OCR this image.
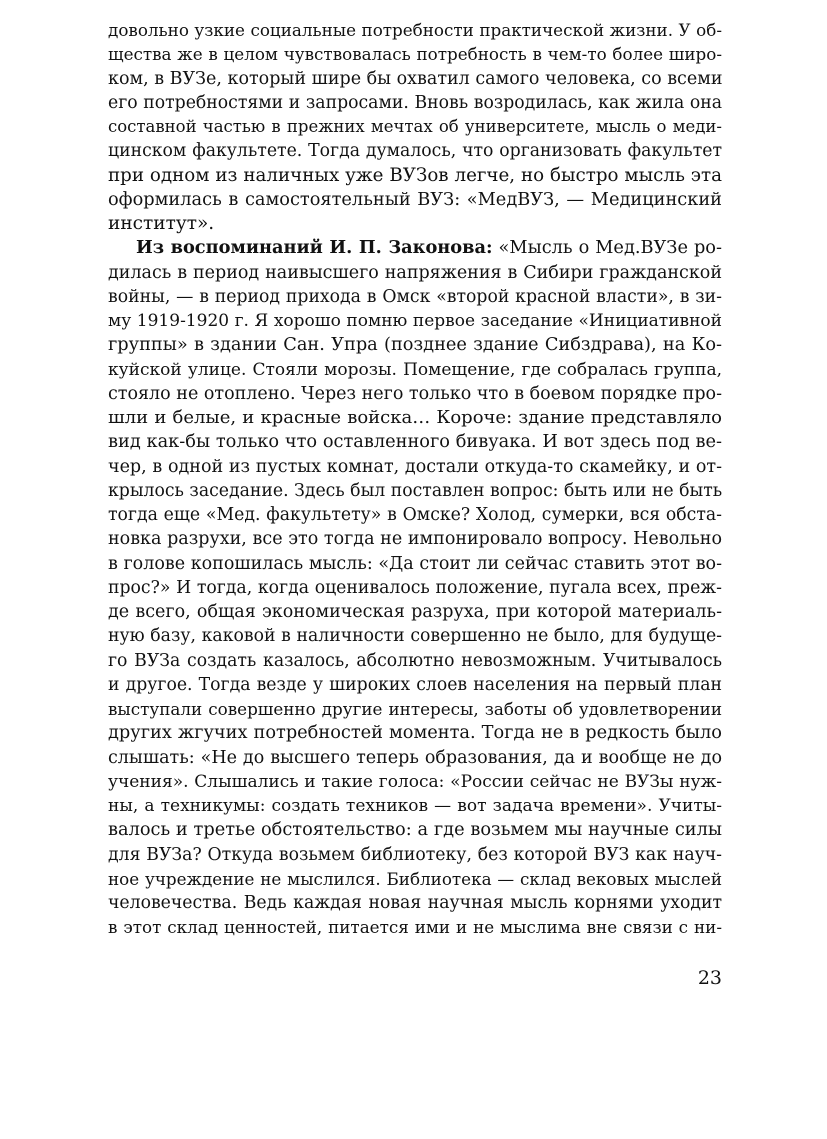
довольно узкие социальные потребности практической жизни. У об-
щества же в целом чувствовалась потребность в чем-то более широ-
ком, в ВУЗе, который шире бы охватил самого человека, со всеми
его потребностями и запросами. Вновь возродилась, как жила она
составной частью в прежних мечтах об университете, мысль о меди-
цинском факультете. Тогда думалось, что организовать факультет
при одном из наличных уже ВУЗов легче, но быстро мысль эта
оформилась в самостоятельный ВУЗ: «МедВУЗ, — Медицинский
институт».
Из воспоминаний И. П. Законова: «Мысль о Мед.ВУЗе ро-
дилась в период наивысшего напряжения в Сибири гражданской
войны, — в период прихода в Омск «второй красной власти», в зи-
му 1919-1920 г. Я хорошо помню первое заседание «Инициативной
группы» в здании Сан. Упра (позднее здание Сибздрава), на Ко-
куйской улице. Стояли морозы. Помещение, где собралась группа,
стояло не отоплено. Через него только что в боевом порядке про-
шли и белые, и красные войска… Короче: здание представляло
вид как-бы только что оставленного бивуака. И вот здесь под ве-
чер, в одной из пустых комнат, достали откуда-то скамейку, и от-
крылось заседание. Здесь был поставлен вопрос: быть или не быть
тогда еще «Мед. факультету» в Омске? Холод, сумерки, вся обста-
новка разрухи, все это тогда не импонировало вопросу. Невольно
в голове копошилась мысль: «Да стоит ли сейчас ставить этот во-
прос?» И тогда, когда оценивалось положение, пугала всех, преж-
де всего, общая экономическая разруха, при которой материаль-
ную базу, каковой в наличности совершенно не было, для будуще-
го ВУЗа создать казалось, абсолютно невозможным. Учитывалось
и другое. Тогда везде у широких слоев населения на первый план
выступали совершенно другие интересы, заботы об удовлетворении
других жгучих потребностей момента. Тогда не в редкость было
слышать: «Не до высшего теперь образования, да и вообще не до
учения». Слышались и такие голоса: «России сейчас не ВУЗы нуж-
ны, а техникумы: создать техников — вот задача времени». Учиты-
валось и третье обстоятельство: а где возьмем мы научные силы
для ВУЗа? Откуда возьмем библиотеку, без которой ВУЗ как науч-
ное учреждение не мыслился. Библиотека — склад вековых мыслей
человечества. Ведь каждая новая научная мысль корнями уходит
в этот склад ценностей, питается ими и не мыслима вне связи с ни-
23
